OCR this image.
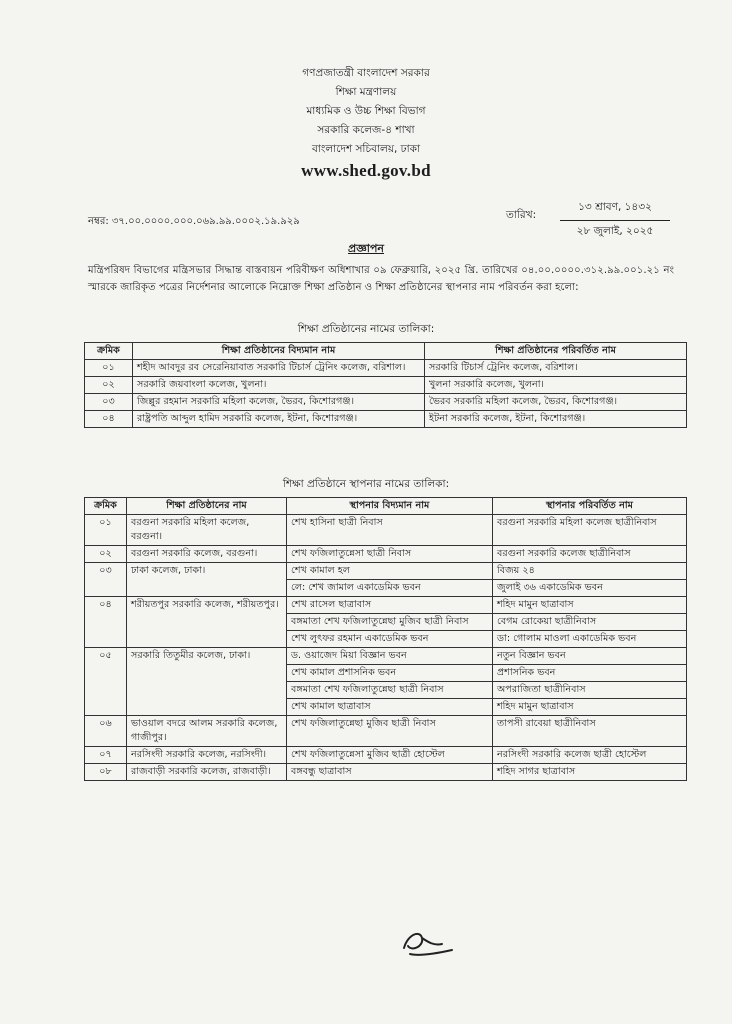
গণপ্রজাতন্ত্রী বাংলাদেশ সরকার
শিক্ষা মন্ত্রণালয়
মাধ্যমিক ও উচ্চ শিক্ষা বিভাগ
সরকারি কলেজ-৪ শাখা
বাংলাদেশ সচিবালয়, ঢাকা
www.shed.gov.bd
নম্বর: ৩৭.০০.০০০০.০০০.০৬৯.৯৯.০০০২.১৯.৯২৯
তারিখ:
১৩ শ্রাবণ, ১৪৩২
২৮ জুলাই, ২০২৫
প্রজ্ঞাপন
মন্ত্রিপরিষদ বিভাগের মন্ত্রিসভার সিদ্ধান্ত বাস্তবায়ন পরিবীক্ষণ অধিশাখার ০৯ ফেব্রুয়ারি, ২০২৫ খ্রি. তারিখের ০৪.০০.০০০০.৩১২.৯৯.০০১.২১ নং স্মারকে জারিকৃত পত্রের নির্দেশনার আলোকে নিম্নোক্ত শিক্ষা প্রতিষ্ঠান ও শিক্ষা প্রতিষ্ঠানের স্থাপনার নাম পরিবর্তন করা হলো:
শিক্ষা প্রতিষ্ঠানের নামের তালিকা:
ক্রমিক	শিক্ষা প্রতিষ্ঠানের বিদ্যমান নাম	শিক্ষা প্রতিষ্ঠানের পরিবর্তিত নাম
০১	শহীদ আবদুর রব সেরেনিয়াবাত সরকারি টিচার্স ট্রেনিং কলেজ, বরিশাল।	সরকারি টিচার্স ট্রেনিং কলেজ, বরিশাল।
০২	সরকারি জয়বাংলা কলেজ, খুলনা।	খুলনা সরকারি কলেজ, খুলনা।
০৩	জিল্লুর রহমান সরকারি মহিলা কলেজ, ভৈরব, কিশোরগঞ্জ।	ভৈরব সরকারি মহিলা কলেজ, ভৈরব, কিশোরগঞ্জ।
০৪	রাষ্ট্রপতি আব্দুল হামিদ সরকারি কলেজ, ইটনা, কিশোরগঞ্জ।	ইটনা সরকারি কলেজ, ইটনা, কিশোরগঞ্জ।
শিক্ষা প্রতিষ্ঠানে স্থাপনার নামের তালিকা:
ক্রমিক	শিক্ষা প্রতিষ্ঠানের নাম	স্থাপনার বিদ্যমান নাম	স্থাপনার পরিবর্তিত নাম
০১	বরগুনা সরকারি মহিলা কলেজ, বরগুনা।	শেখ হাসিনা ছাত্রী নিবাস	বরগুনা সরকারি মহিলা কলেজ ছাত্রীনিবাস
০২	বরগুনা সরকারি কলেজ, বরগুনা।	শেখ ফজিলাতুন্নেসা ছাত্রী নিবাস	বরগুনা সরকারি কলেজ ছাত্রীনিবাস
০৩	ঢাকা কলেজ, ঢাকা।	শেখ কামাল হল	বিজয় ২৪
		লে: শেখ জামাল একাডেমিক ভবন	জুলাই ৩৬ একাডেমিক ভবন
০৪	শরীয়তপুর সরকারি কলেজ, শরীয়তপুর।	শেখ রাসেল ছাত্রাবাস	শহিদ মামুন ছাত্রাবাস
		বঙ্গমাতা শেখ ফজিলাতুন্নেছা মুজিব ছাত্রী নিবাস	বেগম রোকেয়া ছাত্রীনিবাস
		শেখ লুৎফর রহমান একাডেমিক ভবন	ডা: গোলাম মাওলা একাডেমিক ভবন
০৫	সরকারি তিতুমীর কলেজ, ঢাকা।	ড. ওয়াজেদ মিয়া বিজ্ঞান ভবন	নতুন বিজ্ঞান ভবন
		শেখ কামাল প্রশাসনিক ভবন	প্রশাসনিক ভবন
		বঙ্গমাতা শেখ ফজিলাতুন্নেছা ছাত্রী নিবাস	অপরাজিতা ছাত্রীনিবাস
		শেখ কামাল ছাত্রাবাস	শহিদ মামুন ছাত্রাবাস
০৬	ভাওয়াল বদরে আলম সরকারি কলেজ, গাজীপুর।	শেখ ফজিলাতুন্নেছা মুজিব ছাত্রী নিবাস	তাপসী রাবেয়া ছাত্রীনিবাস
০৭	নরসিংদী সরকারি কলেজ, নরসিংদী।	শেখ ফজিলাতুন্নেসা মুজিব ছাত্রী হোস্টেল	নরসিংদী সরকারি কলেজ ছাত্রী হোস্টেল
০৮	রাজবাড়ী সরকারি কলেজ, রাজবাড়ী।	বঙ্গবন্ধু ছাত্রাবাস	শহিদ সাগর ছাত্রাবাস
